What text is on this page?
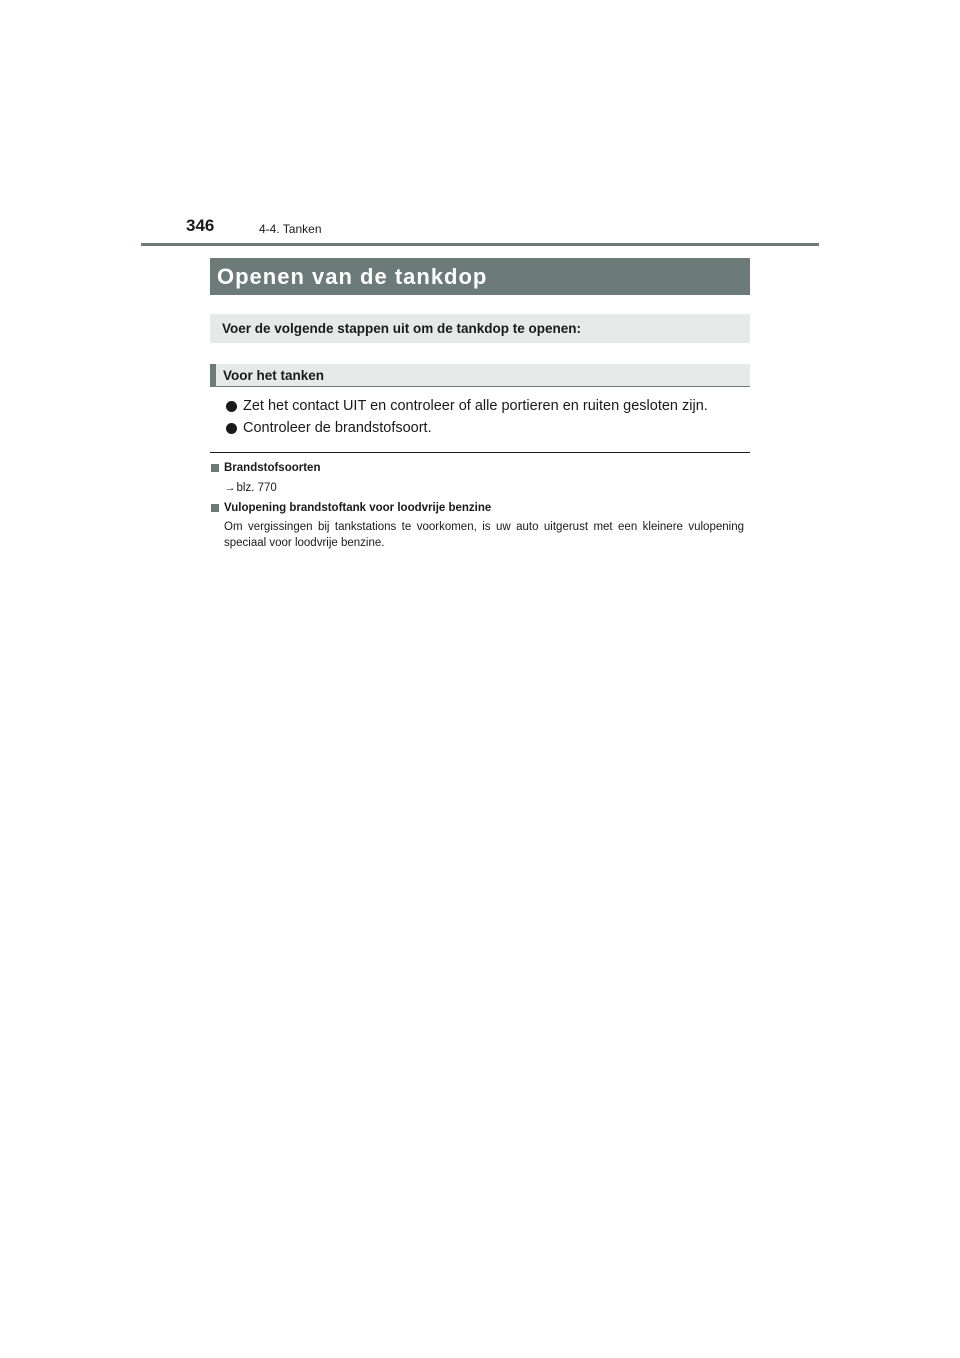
346	4-4. Tanken
Openen van de tankdop
Voer de volgende stappen uit om de tankdop te openen:
Voor het tanken
Zet het contact UIT en controleer of alle portieren en ruiten gesloten zijn.
Controleer de brandstofsoort.
Brandstofsoorten
→ blz. 770
Vulopening brandstoftank voor loodvrije benzine
Om vergissingen bij tankstations te voorkomen, is uw auto uitgerust met een kleinere vulopening speciaal voor loodvrije benzine.
